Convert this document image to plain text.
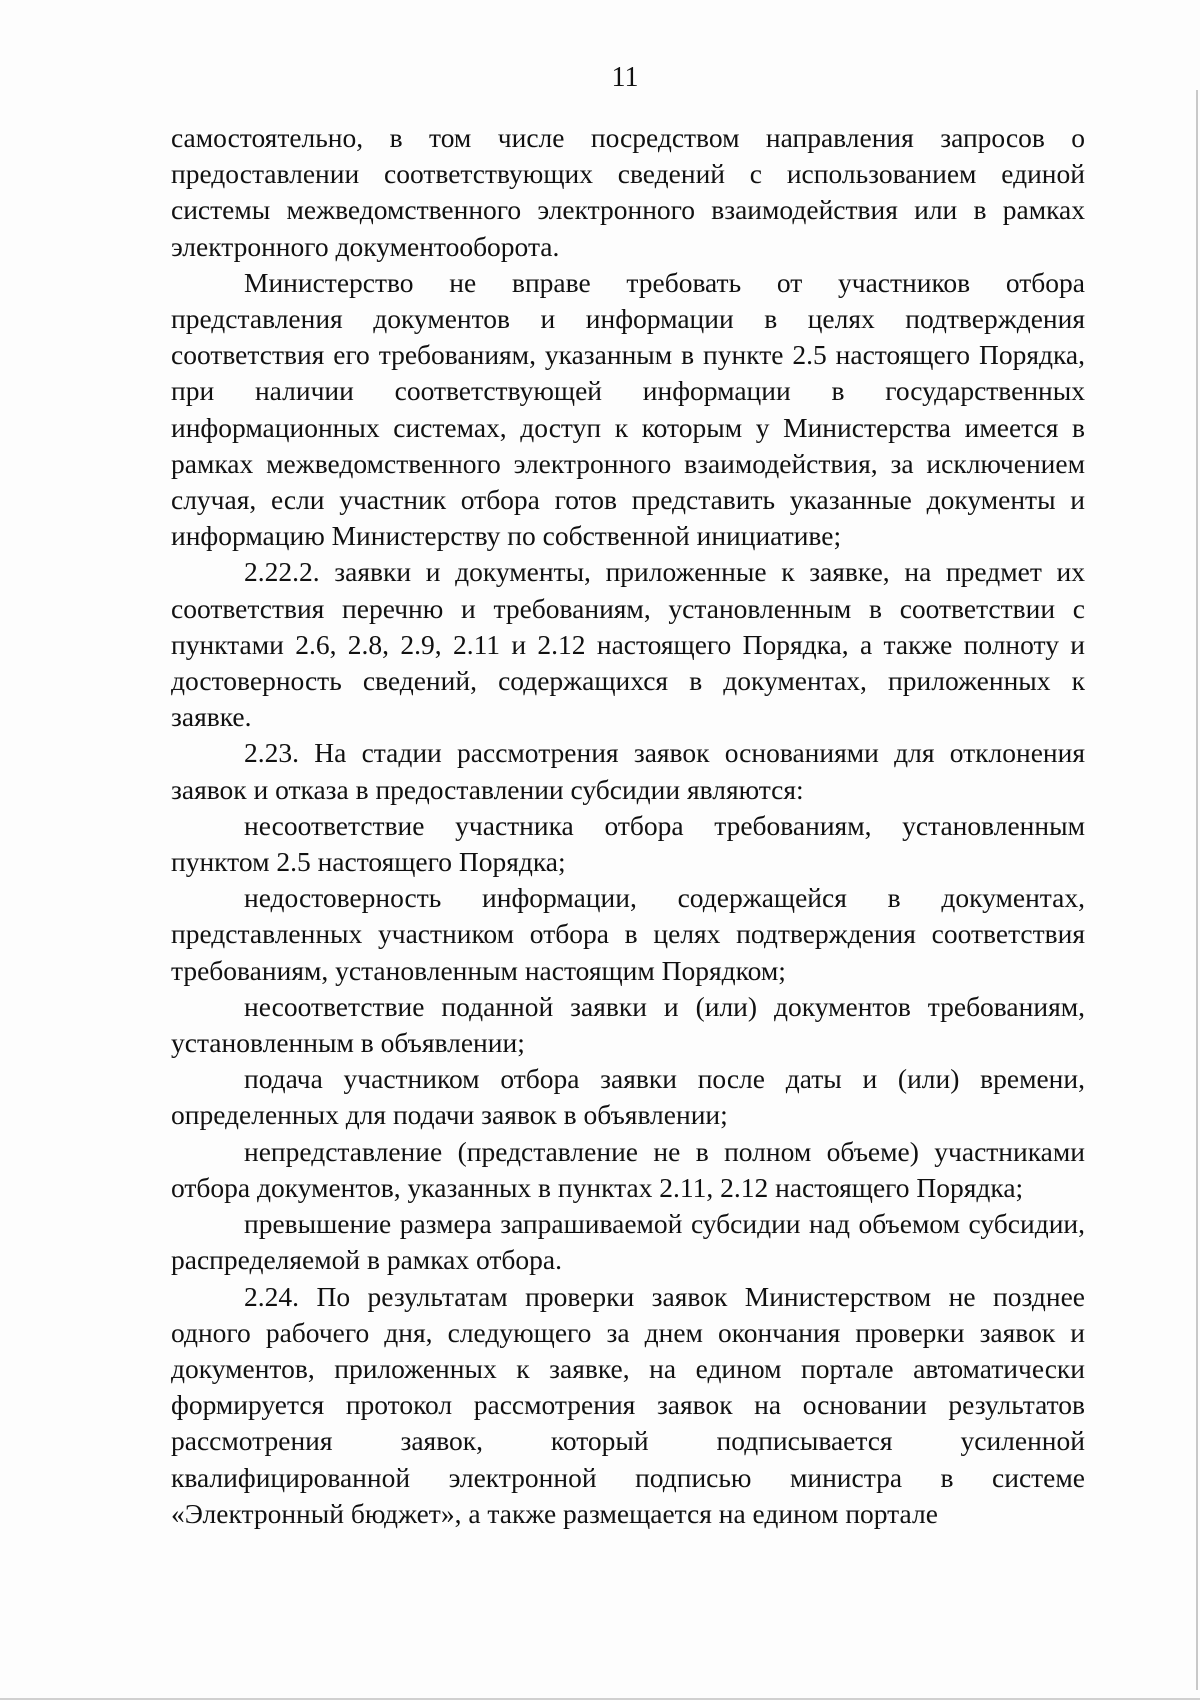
11

самостоятельно, в том числе посредством направления запросов о предоставлении соответствующих сведений с использованием единой системы межведомственного электронного взаимодействия или в рамках электронного документооборота.

Министерство не вправе требовать от участников отбора представления документов и информации в целях подтверждения соответствия его требованиям, указанным в пункте 2.5 настоящего Порядка, при наличии соответствующей информации в государственных информационных системах, доступ к которым у Министерства имеется в рамках межведомственного электронного взаимодействия, за исключением случая, если участник отбора готов представить указанные документы и информацию Министерству по собственной инициативе;

2.22.2. заявки и документы, приложенные к заявке, на предмет их соответствия перечню и требованиям, установленным в соответствии с пунктами 2.6, 2.8, 2.9, 2.11 и 2.12 настоящего Порядка, а также полноту и достоверность сведений, содержащихся в документах, приложенных к заявке.

2.23. На стадии рассмотрения заявок основаниями для отклонения заявок и отказа в предоставлении субсидии являются:

несоответствие участника отбора требованиям, установленным пунктом 2.5 настоящего Порядка;

недостоверность информации, содержащейся в документах, представленных участником отбора в целях подтверждения соответствия требованиям, установленным настоящим Порядком;

несоответствие поданной заявки и (или) документов требованиям, установленным в объявлении;

подача участником отбора заявки после даты и (или) времени, определенных для подачи заявок в объявлении;

непредставление (представление не в полном объеме) участниками отбора документов, указанных в пунктах 2.11, 2.12 настоящего Порядка;

превышение размера запрашиваемой субсидии над объемом субсидии, распределяемой в рамках отбора.

2.24. По результатам проверки заявок Министерством не позднее одного рабочего дня, следующего за днем окончания проверки заявок и документов, приложенных к заявке, на едином портале автоматически формируется протокол рассмотрения заявок на основании результатов рассмотрения заявок, который подписывается усиленной квалифицированной электронной подписью министра в системе «Электронный бюджет», а также размещается на едином портале
